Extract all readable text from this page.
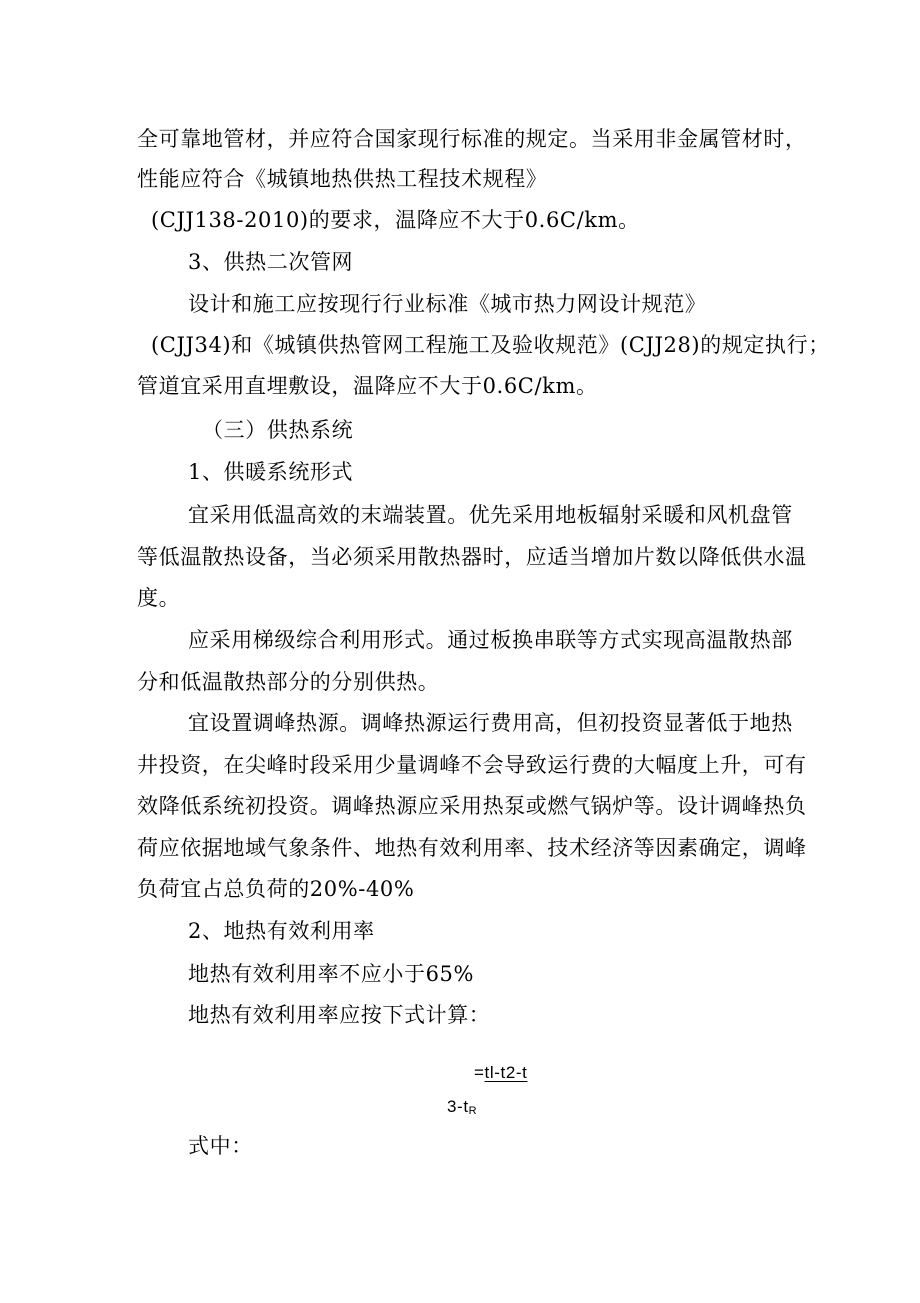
全可靠地管材，并应符合国家现行标准的规定。当采用非金属管材时，
性能应符合《城镇地热供热工程技术规程》
(CJJ138-2010)的要求，温降应不大于0.6C/km。
3、供热二次管网
设计和施工应按现行行业标准《城市热力网设计规范》
(CJJ34)和《城镇供热管网工程施工及验收规范》(CJJ28)的规定执行；
管道宜采用直埋敷设，温降应不大于0.6C/km。
（三）供热系统
1、供暖系统形式
宜采用低温高效的末端装置。优先采用地板辐射采暖和风机盘管
等低温散热设备，当必须采用散热器时，应适当增加片数以降低供水温
度。
应采用梯级综合利用形式。通过板换串联等方式实现高温散热部
分和低温散热部分的分别供热。
宜设置调峰热源。调峰热源运行费用高，但初投资显著低于地热
井投资，在尖峰时段采用少量调峰不会导致运行费的大幅度上升，可有
效降低系统初投资。调峰热源应采用热泵或燃气锅炉等。设计调峰热负
荷应依据地域气象条件、地热有效利用率、技术经济等因素确定，调峰
负荷宜占总负荷的20%-40%
2、地热有效利用率
地热有效利用率不应小于65%
地热有效利用率应按下式计算：
=tl-t2-t
3-tR
式中：
